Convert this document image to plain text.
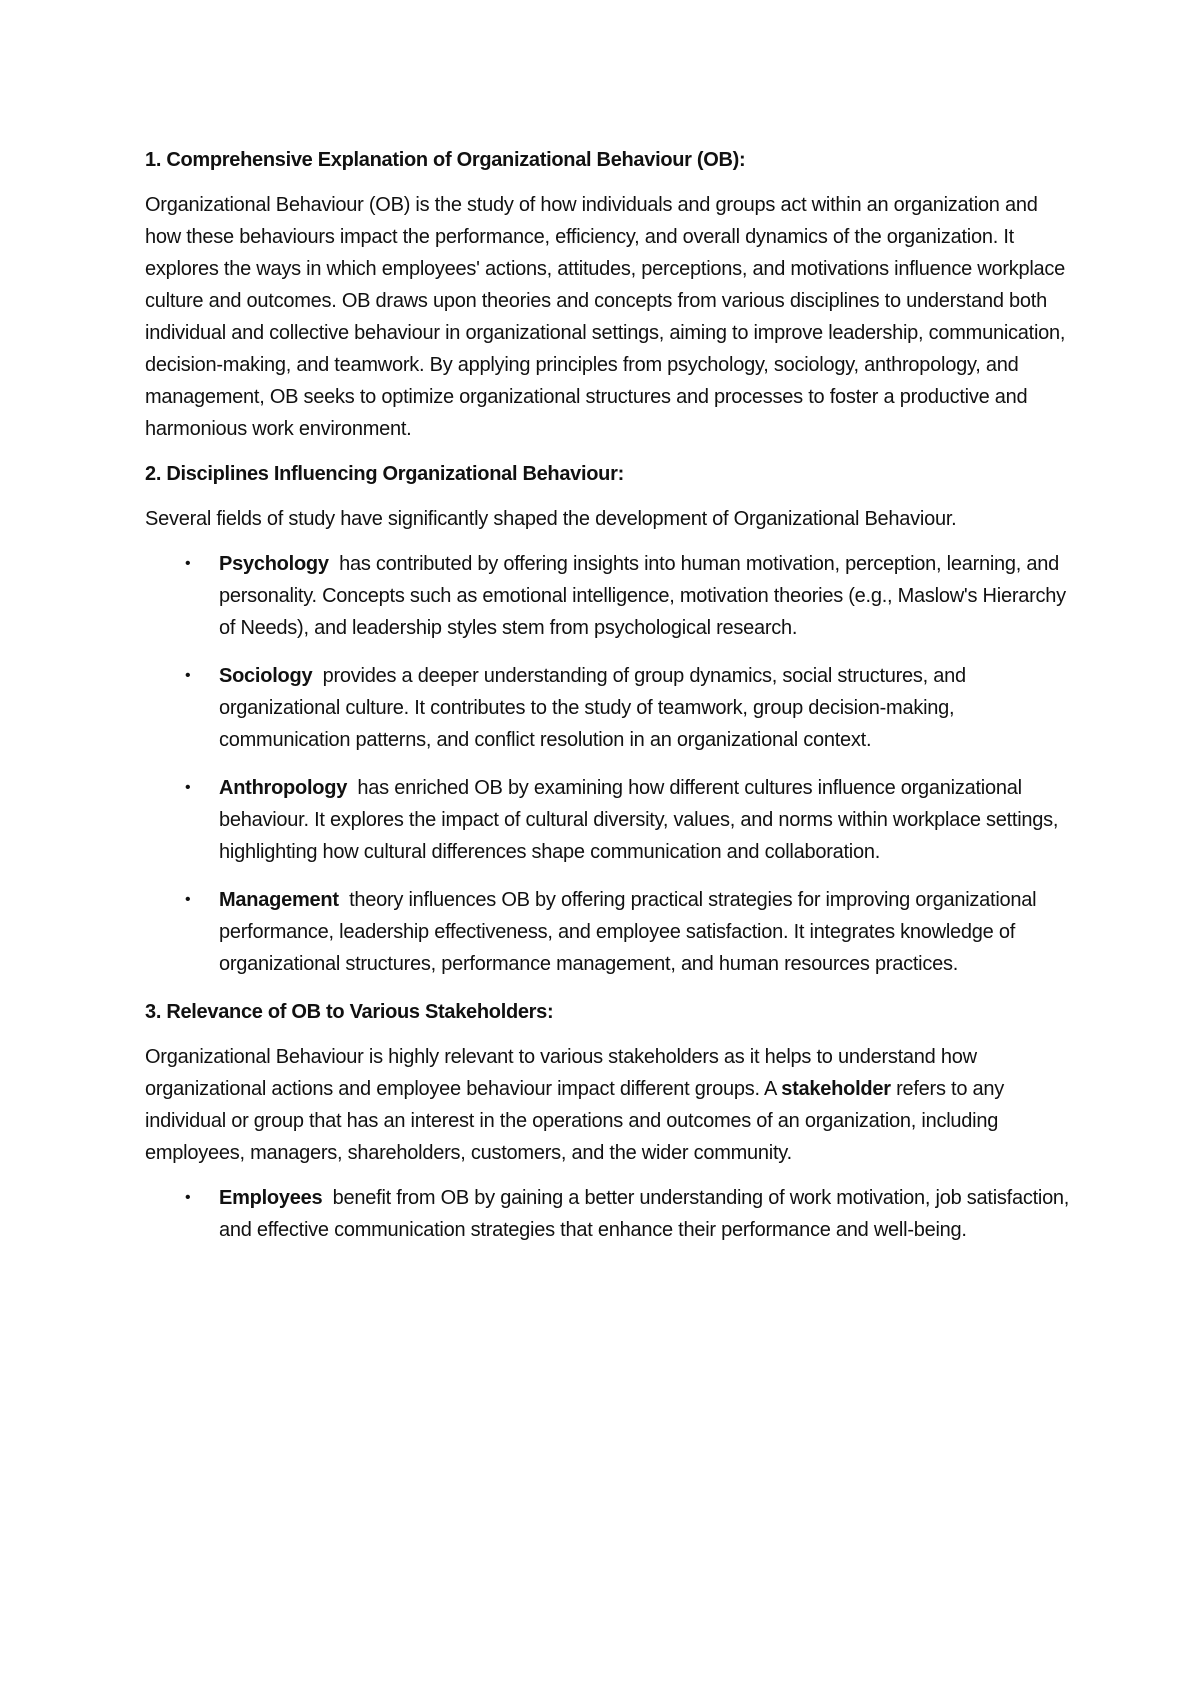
1. Comprehensive Explanation of Organizational Behaviour (OB):

Organizational Behaviour (OB) is the study of how individuals and groups act within an organization and how these behaviours impact the performance, efficiency, and overall dynamics of the organization. It explores the ways in which employees' actions, attitudes, perceptions, and motivations influence workplace culture and outcomes. OB draws upon theories and concepts from various disciplines to understand both individual and collective behaviour in organizational settings, aiming to improve leadership, communication, decision-making, and teamwork. By applying principles from psychology, sociology, anthropology, and management, OB seeks to optimize organizational structures and processes to foster a productive and harmonious work environment.

2. Disciplines Influencing Organizational Behaviour:

Several fields of study have significantly shaped the development of Organizational Behaviour.

• Psychology has contributed by offering insights into human motivation, perception, learning, and personality. Concepts such as emotional intelligence, motivation theories (e.g., Maslow's Hierarchy of Needs), and leadership styles stem from psychological research.
• Sociology provides a deeper understanding of group dynamics, social structures, and organizational culture. It contributes to the study of teamwork, group decision-making, communication patterns, and conflict resolution in an organizational context.
• Anthropology has enriched OB by examining how different cultures influence organizational behaviour. It explores the impact of cultural diversity, values, and norms within workplace settings, highlighting how cultural differences shape communication and collaboration.
• Management theory influences OB by offering practical strategies for improving organizational performance, leadership effectiveness, and employee satisfaction. It integrates knowledge of organizational structures, performance management, and human resources practices.
3. Relevance of OB to Various Stakeholders:

Organizational Behaviour is highly relevant to various stakeholders as it helps to understand how organizational actions and employee behaviour impact different groups. A stakeholder refers to any individual or group that has an interest in the operations and outcomes of an organization, including employees, managers, shareholders, customers, and the wider community.

• Employees benefit from OB by gaining a better understanding of work motivation, job satisfaction, and effective communication strategies that enhance their performance and well-being.
